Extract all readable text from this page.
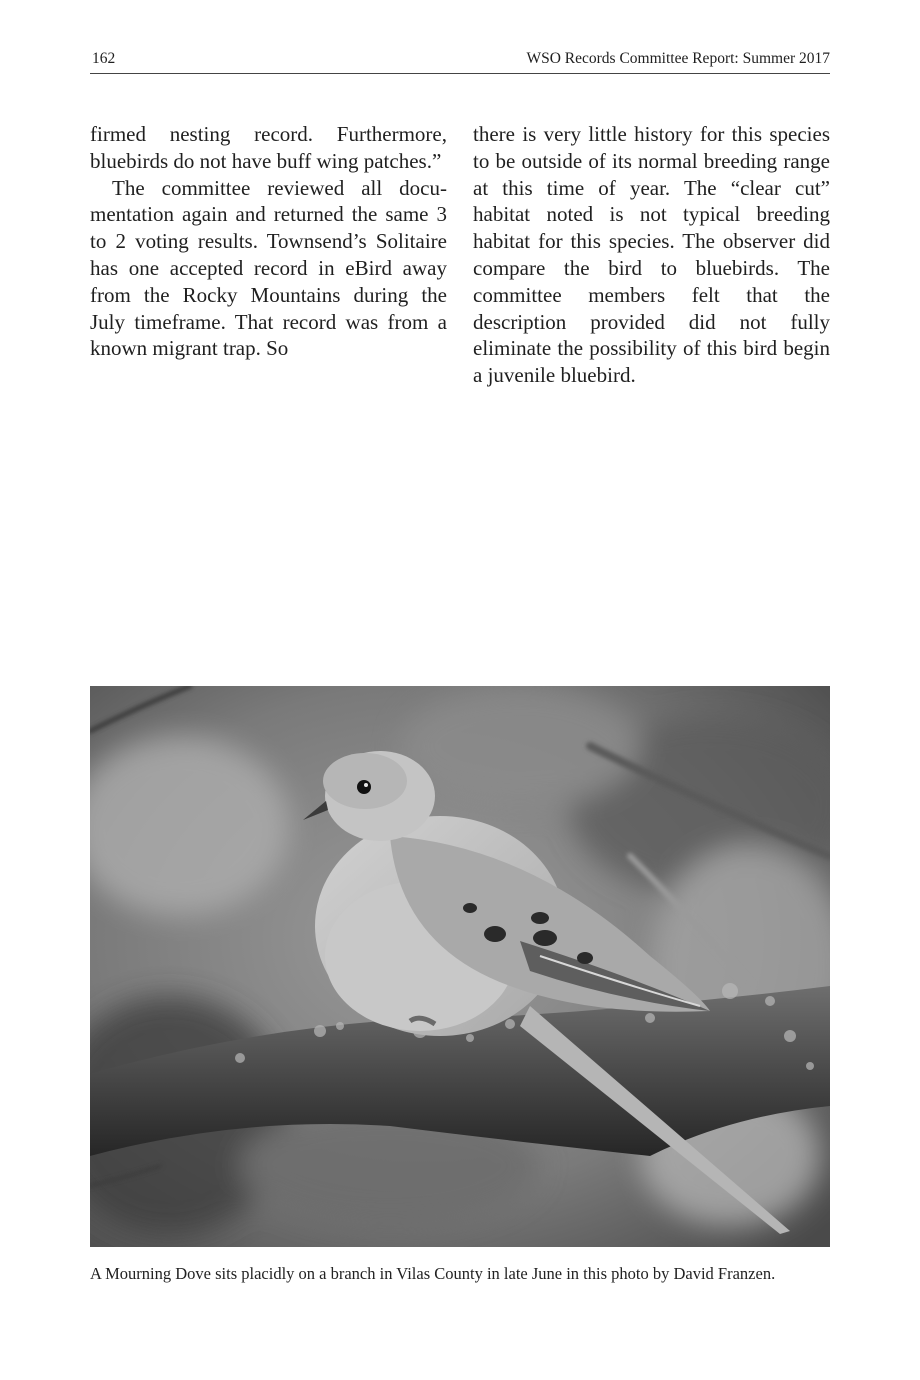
162	WSO Records Committee Report: Summer 2017

firmed nesting record. Furthermore, bluebirds do not have buff wing patches.”

The committee reviewed all documentation again and returned the same 3 to 2 voting results. Townsend’s Solitaire has one accepted record in eBird away from the Rocky Mountains during the July timeframe. That record was from a known migrant trap. So

there is very little history for this species to be outside of its normal breeding range at this time of year. The “clear cut” habitat noted is not typical breeding habitat for this species. The observer did compare the bird to bluebirds. The committee members felt that the description provided did not fully eliminate the possibility of this bird begin a juvenile bluebird.

A Mourning Dove sits placidly on a branch in Vilas County in late June in this photo by David Franzen.
